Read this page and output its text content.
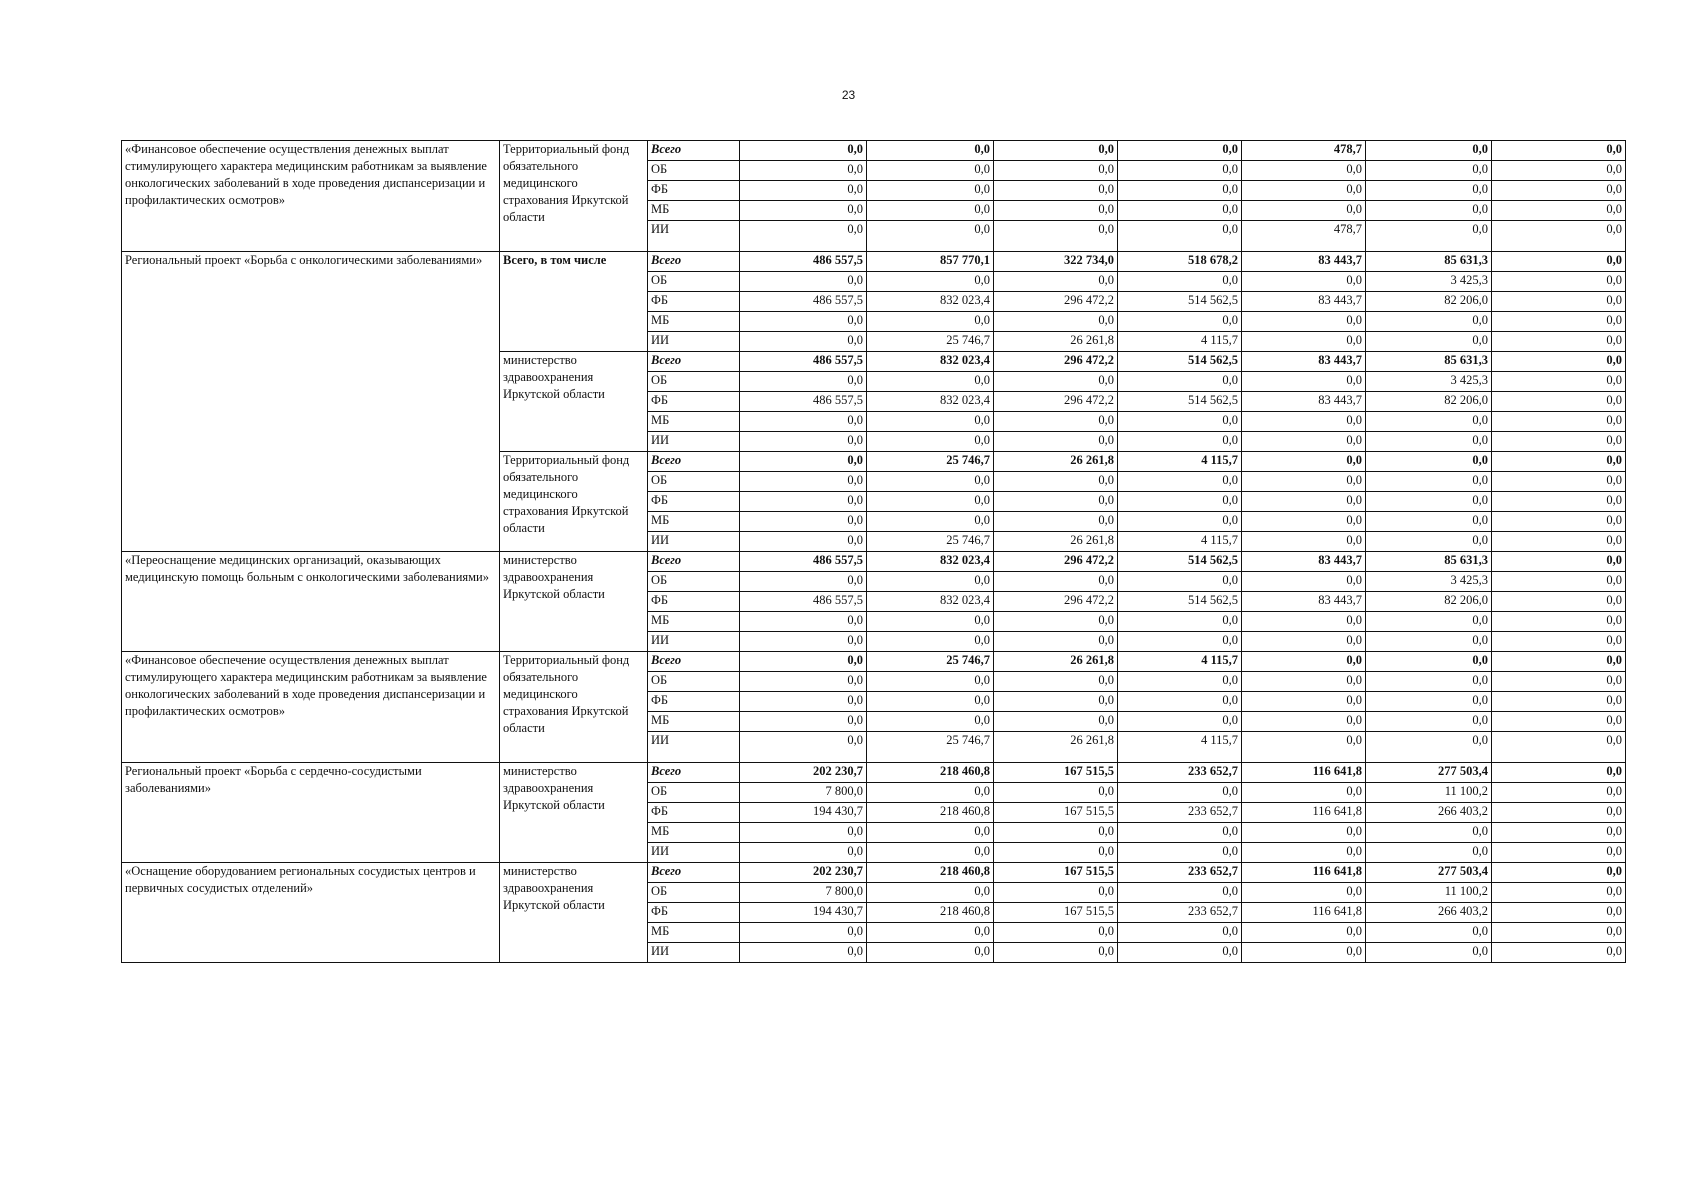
23
«Финансовое обеспечение осуществления денежных выплат стимулирующего характера медицинским работникам за выявление онкологических заболеваний в ходе проведения диспансеризации и профилактических осмотров»	Территориальный фонд обязательного медицинского страхования Иркутской области	Всего	0,0	0,0	0,0	0,0	478,7	0,0	0,0
		ОБ	0,0	0,0	0,0	0,0	0,0	0,0	0,0
		ФБ	0,0	0,0	0,0	0,0	0,0	0,0	0,0
		МБ	0,0	0,0	0,0	0,0	0,0	0,0	0,0
		ИИ	0,0	0,0	0,0	0,0	478,7	0,0	0,0
Региональный проект «Борьба с онкологическими заболеваниями»	Всего, в том числе	Всего	486 557,5	857 770,1	322 734,0	518 678,2	83 443,7	85 631,3	0,0
		ОБ	0,0	0,0	0,0	0,0	0,0	3 425,3	0,0
		ФБ	486 557,5	832 023,4	296 472,2	514 562,5	83 443,7	82 206,0	0,0
		МБ	0,0	0,0	0,0	0,0	0,0	0,0	0,0
		ИИ	0,0	25 746,7	26 261,8	4 115,7	0,0	0,0	0,0
	министерство здравоохранения Иркутской области	Всего	486 557,5	832 023,4	296 472,2	514 562,5	83 443,7	85 631,3	0,0
		ОБ	0,0	0,0	0,0	0,0	0,0	3 425,3	0,0
		ФБ	486 557,5	832 023,4	296 472,2	514 562,5	83 443,7	82 206,0	0,0
		МБ	0,0	0,0	0,0	0,0	0,0	0,0	0,0
		ИИ	0,0	0,0	0,0	0,0	0,0	0,0	0,0
	Территориальный фонд обязательного медицинского страхования Иркутской области	Всего	0,0	25 746,7	26 261,8	4 115,7	0,0	0,0	0,0
		ОБ	0,0	0,0	0,0	0,0	0,0	0,0	0,0
		ФБ	0,0	0,0	0,0	0,0	0,0	0,0	0,0
		МБ	0,0	0,0	0,0	0,0	0,0	0,0	0,0
		ИИ	0,0	25 746,7	26 261,8	4 115,7	0,0	0,0	0,0
«Переоснащение медицинских организаций, оказывающих медицинскую помощь больным с онкологическими заболеваниями»	министерство здравоохранения Иркутской области	Всего	486 557,5	832 023,4	296 472,2	514 562,5	83 443,7	85 631,3	0,0
		ОБ	0,0	0,0	0,0	0,0	0,0	3 425,3	0,0
		ФБ	486 557,5	832 023,4	296 472,2	514 562,5	83 443,7	82 206,0	0,0
		МБ	0,0	0,0	0,0	0,0	0,0	0,0	0,0
		ИИ	0,0	0,0	0,0	0,0	0,0	0,0	0,0
«Финансовое обеспечение осуществления денежных выплат стимулирующего характера медицинским работникам за выявление онкологических заболеваний в ходе проведения диспансеризации и профилактических осмотров»	Территориальный фонд обязательного медицинского страхования Иркутской области	Всего	0,0	25 746,7	26 261,8	4 115,7	0,0	0,0	0,0
		ОБ	0,0	0,0	0,0	0,0	0,0	0,0	0,0
		ФБ	0,0	0,0	0,0	0,0	0,0	0,0	0,0
		МБ	0,0	0,0	0,0	0,0	0,0	0,0	0,0
		ИИ	0,0	25 746,7	26 261,8	4 115,7	0,0	0,0	0,0
Региональный проект «Борьба с сердечно-сосудистыми заболеваниями»	министерство здравоохранения Иркутской области	Всего	202 230,7	218 460,8	167 515,5	233 652,7	116 641,8	277 503,4	0,0
		ОБ	7 800,0	0,0	0,0	0,0	0,0	11 100,2	0,0
		ФБ	194 430,7	218 460,8	167 515,5	233 652,7	116 641,8	266 403,2	0,0
		МБ	0,0	0,0	0,0	0,0	0,0	0,0	0,0
		ИИ	0,0	0,0	0,0	0,0	0,0	0,0	0,0
«Оснащение оборудованием региональных сосудистых центров и первичных сосудистых отделений»	министерство здравоохранения Иркутской области	Всего	202 230,7	218 460,8	167 515,5	233 652,7	116 641,8	277 503,4	0,0
		ОБ	7 800,0	0,0	0,0	0,0	0,0	11 100,2	0,0
		ФБ	194 430,7	218 460,8	167 515,5	233 652,7	116 641,8	266 403,2	0,0
		МБ	0,0	0,0	0,0	0,0	0,0	0,0	0,0
		ИИ	0,0	0,0	0,0	0,0	0,0	0,0	0,0
